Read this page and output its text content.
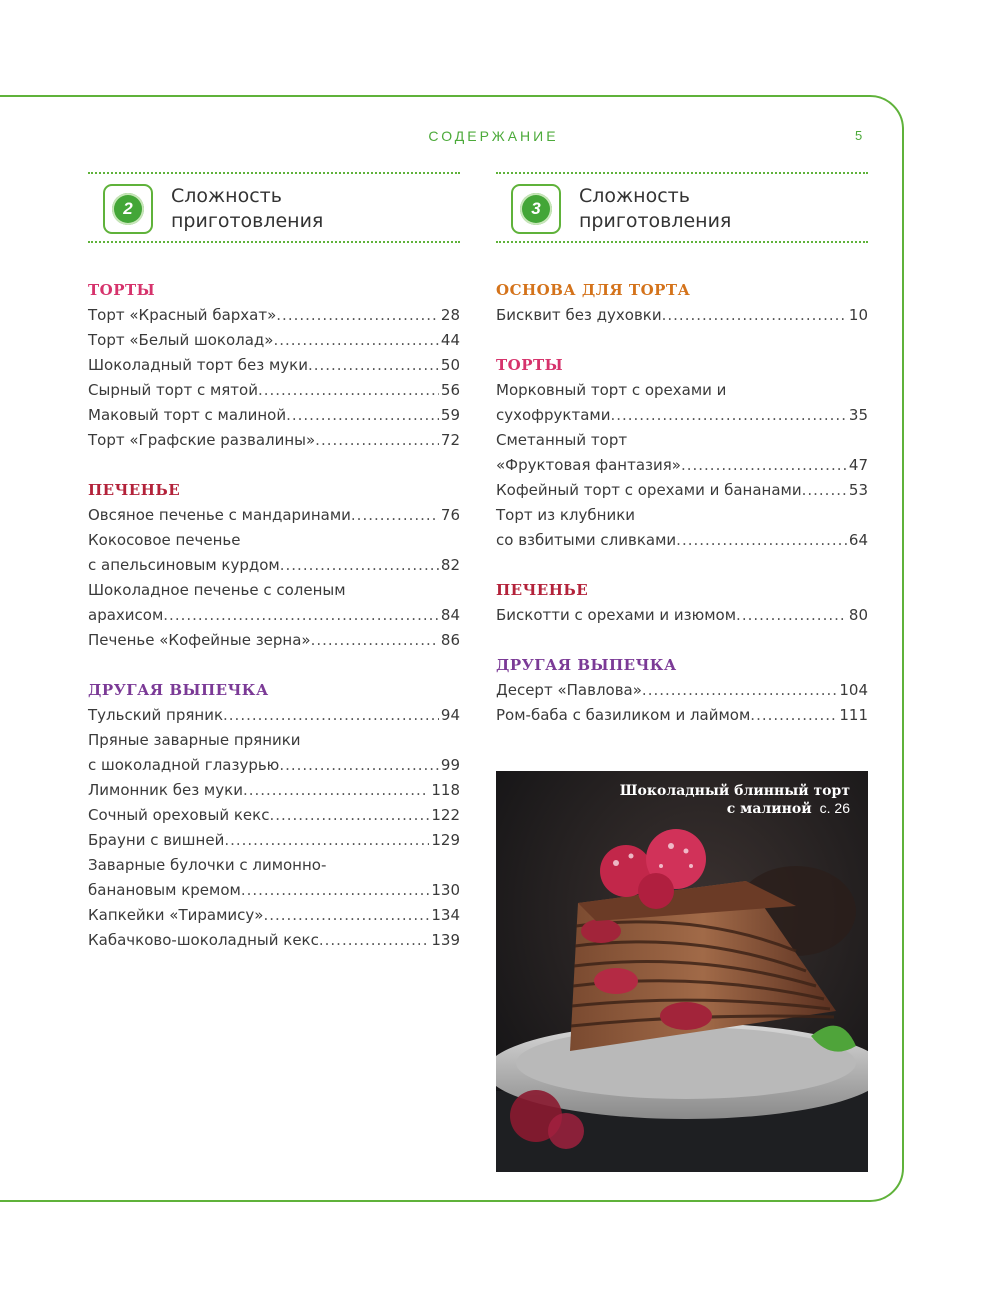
СОДЕРЖАНИЕ	5
2
Сложность
приготовления
ТОРТЫ
Торт «Красный бархат» .....	28
Торт «Белый шоколад» .....	44
Шоколадный торт без муки .....	50
Сырный торт с мятой .....	56
Маковый торт с малиной .....	59
Торт «Графские развалины» .....	72
ПЕЧЕНЬЕ
Овсяное печенье с мандаринами .....	76
Кокосовое печенье
с апельсиновым курдом .....	82
Шоколадное печенье с соленым
арахисом .....	84
Печенье «Кофейные зерна» .....	86
ДРУГАЯ ВЫПЕЧКА
Тульский пряник .....	94
Пряные заварные пряники
с шоколадной глазурью .....	99
Лимонник без муки .....	118
Сочный ореховый кекс .....	122
Брауни с вишней .....	129
Заварные булочки с лимонно-
банановым кремом .....	130
Капкейки «Тирамису» .....	134
Кабачково-шоколадный кекс .....	139
3
Сложность
приготовления
ОСНОВА ДЛЯ ТОРТА
Бисквит без духовки .....	10
ТОРТЫ
Морковный торт с орехами и
сухофруктами .....	35
Сметанный торт
«Фруктовая фантазия» .....	47
Кофейный торт с орехами и бананами .....	53
Торт из клубники
со взбитыми сливками .....	64
ПЕЧЕНЬЕ
Бискотти с орехами и изюмом .....	80
ДРУГАЯ ВЫПЕЧКА
Десерт «Павлова» .....	104
Ром-баба с базиликом и лаймом .....	111
Шоколадный блинный торт
с малиной с. 26
